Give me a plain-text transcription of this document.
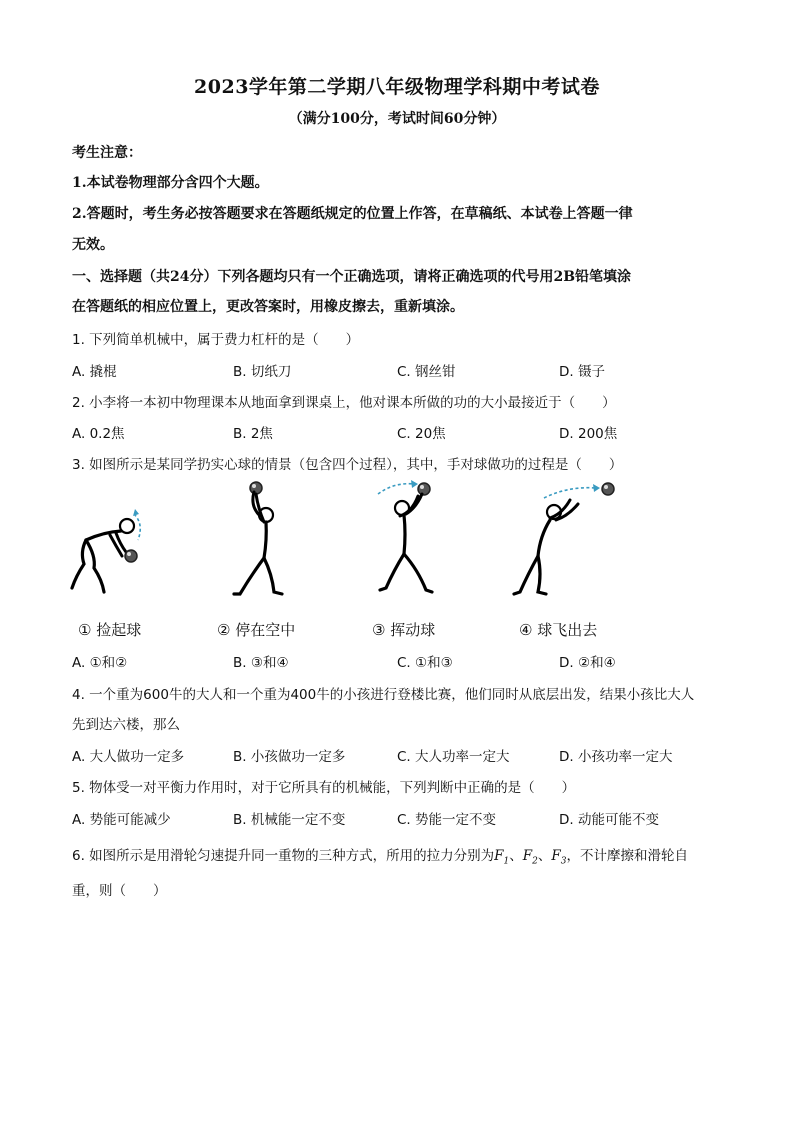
2023学年第二学期八年级物理学科期中考试卷
（满分100分，考试时间60分钟）
考生注意：
1.本试卷物理部分含四个大题。
2.答题时，考生务必按答题要求在答题纸规定的位置上作答，在草稿纸、本试卷上答题一律
无效。
一、选择题（共24分）下列各题均只有一个正确选项，请将正确选项的代号用2B铅笔填涂
在答题纸的相应位置上，更改答案时，用橡皮擦去，重新填涂。
1. 下列简单机械中，属于费力杠杆的是（　　）
A. 撬棍	B. 切纸刀	C. 钢丝钳	D. 镊子
2. 小李将一本初中物理课本从地面拿到课桌上，他对课本所做的功的大小最接近于（　　）
A. 0.2焦	B. 2焦	C. 20焦	D. 200焦
3. 如图所示是某同学扔实心球的情景（包含四个过程），其中，手对球做功的过程是（　　）
① 捡起球	② 停在空中	③ 挥动球	④ 球飞出去
A. ①和②	B. ③和④	C. ①和③	D. ②和④
4. 一个重为600牛的大人和一个重为400牛的小孩进行登楼比赛，他们同时从底层出发，结果小孩比大人
先到达六楼，那么
A. 大人做功一定多	B. 小孩做功一定多	C. 大人功率一定大	D. 小孩功率一定大
5. 物体受一对平衡力作用时，对于它所具有的机械能，下列判断中正确的是（　　）
A. 势能可能减少	B. 机械能一定不变	C. 势能一定不变	D. 动能可能不变
6. 如图所示是用滑轮匀速提升同一重物的三种方式，所用的拉力分别为$F_1$、$F_2$、$F_3$，不计摩擦和滑轮自
重，则（　　）
